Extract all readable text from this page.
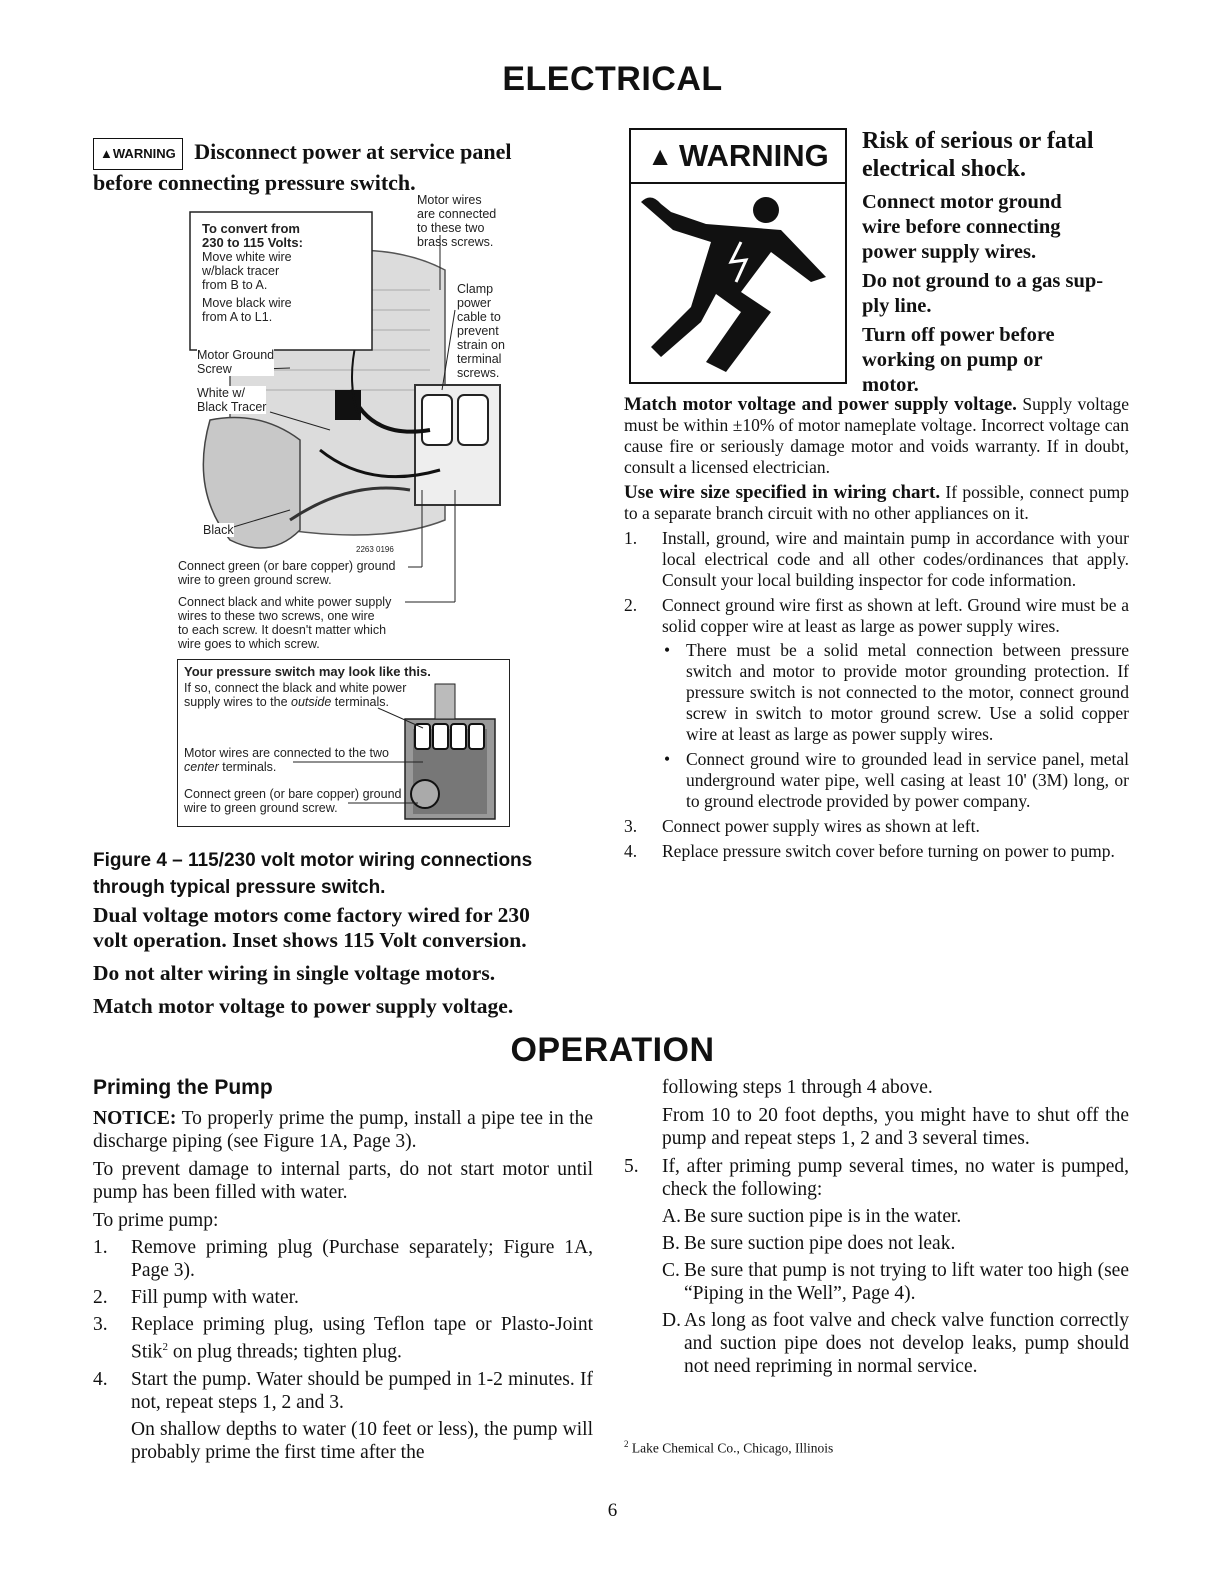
ELECTRICAL
▲WARNING Disconnect power at service panel
before connecting pressure switch.
To convert from
230 to 115 Volts:
Move white wire
w/black tracer
from B to A.
Move black wire
from A to L1.
Motor wires
are connected
to these two
brass screws.
Clamp
power
cable to
prevent
strain on
terminal
screws.
Motor Ground
Screw
White w/
Black Tracer
Black
2263 0196
Connect green (or bare copper) ground
wire to green ground screw.
Connect black and white power supply
wires to these two screws, one wire
to each screw. It doesn't matter which
wire goes to which screw.
Your pressure switch may look like this.
If so, connect the black and white power
supply wires to the outside terminals.
Motor wires are connected to the two
center terminals.
Connect green (or bare copper) ground
wire to green ground screw.
Figure 4 – 115/230 volt motor wiring connections
through typical pressure switch.
Dual voltage motors come factory wired for 230
volt operation. Inset shows 115 Volt conversion.
Do not alter wiring in single voltage motors.
Match motor voltage to power supply voltage.
▲ WARNING Risk of serious or fatal
electrical shock.
Connect motor ground
wire before connecting
power supply wires.
Do not ground to a gas sup-
ply line.
Turn off power before
working on pump or
motor.

Match motor voltage and power supply voltage. Supply voltage must be within ±10% of motor nameplate voltage. Incorrect voltage can cause fire or seriously damage motor and voids warranty. If in doubt, consult a licensed electrician.

Use wire size specified in wiring chart. If possible, connect pump to a separate branch circuit with no other appliances on it.

1. Install, ground, wire and maintain pump in accordance with your local electrical code and all other codes/ordinances that apply. Consult your local building inspector for code information.
2. Connect ground wire first as shown at left. Ground wire must be a solid copper wire at least as large as power supply wires.
• There must be a solid metal connection between pressure switch and motor to provide motor grounding protection. If pressure switch is not connected to the motor, connect ground screw in switch to motor ground screw. Use a solid copper wire at least as large as power supply wires.
• Connect ground wire to grounded lead in service panel, metal underground water pipe, well casing at least 10' (3M) long, or to ground electrode provided by power company.
3. Connect power supply wires as shown at left.
4. Replace pressure switch cover before turning on power to pump.
OPERATION
Priming the Pump

NOTICE: To properly prime the pump, install a pipe tee in the discharge piping (see Figure 1A, Page 3).

To prevent damage to internal parts, do not start motor until pump has been filled with water.

To prime pump:

1. Remove priming plug (Purchase separately; Figure 1A, Page 3).
2. Fill pump with water.
3. Replace priming plug, using Teflon tape or Plasto-Joint Stik$^2$ on plug threads; tighten plug.
4. Start the pump. Water should be pumped in 1-2 minutes. If not, repeat steps 1, 2 and 3.
On shallow depths to water (10 feet or less), the pump will probably prime the first time after the
following steps 1 through 4 above.
From 10 to 20 foot depths, you might have to shut off the pump and repeat steps 1, 2 and 3 several times.
5. If, after priming pump several times, no water is pumped, check the following:
A. Be sure suction pipe is in the water.
B. Be sure suction pipe does not leak.
C. Be sure that pump is not trying to lift water too high (see “Piping in the Well”, Page 4).
D. As long as foot valve and check valve function correctly and suction pipe does not develop leaks, pump should not need repriming in normal service.
$^2$ Lake Chemical Co., Chicago, Illinois
6
